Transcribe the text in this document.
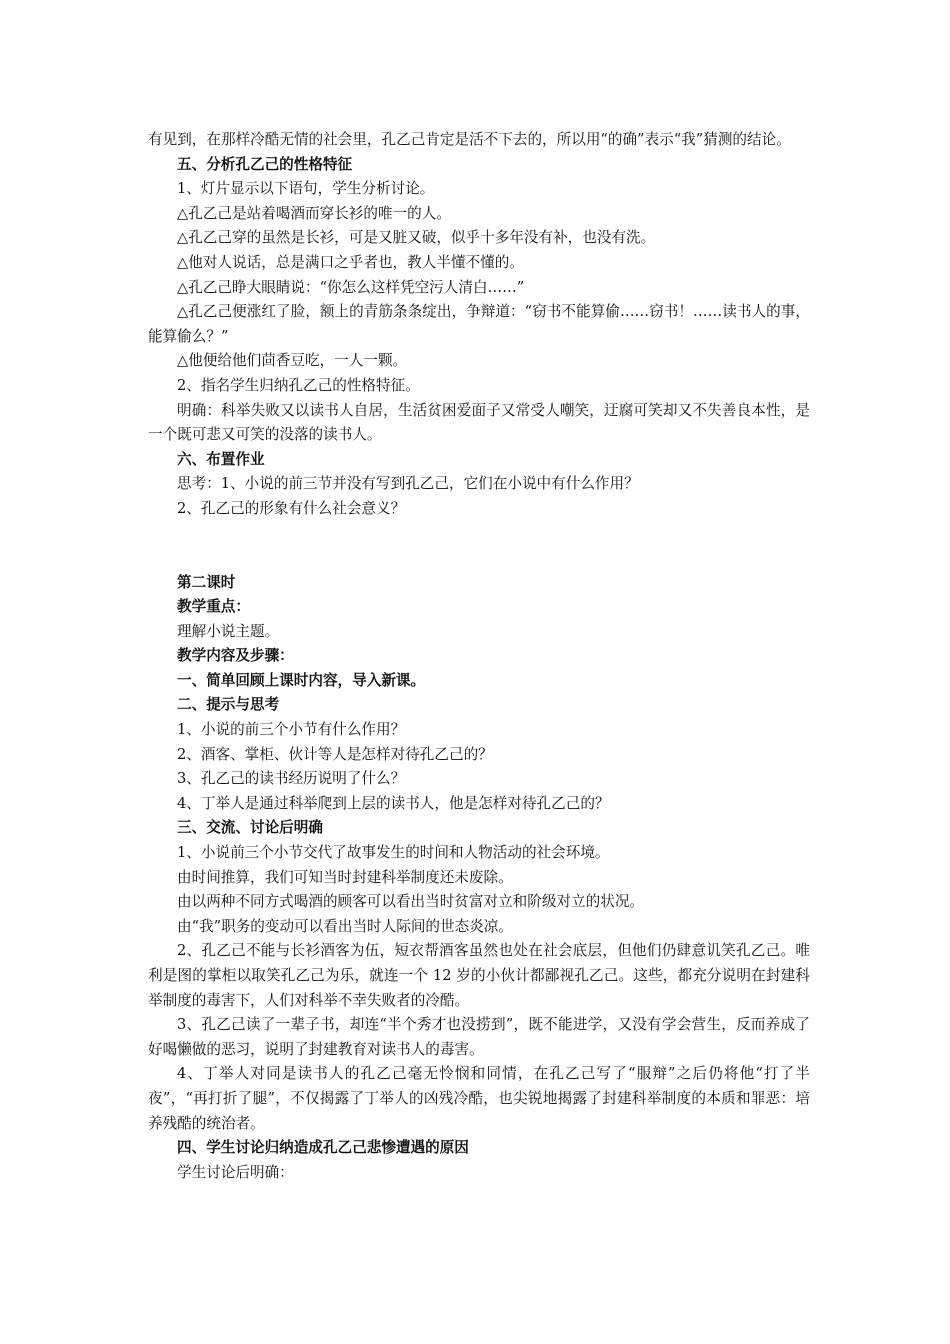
有见到，在那样冷酷无情的社会里，孔乙己肯定是活不下去的，所以用“的确”表示“我”猜测的结论。

五、分析孔乙己的性格特征

1、灯片显示以下语句，学生分析讨论。

△孔乙己是站着喝酒而穿长衫的唯一的人。

△孔乙己穿的虽然是长衫，可是又脏又破，似乎十多年没有补，也没有洗。

△他对人说话，总是满口之乎者也，教人半懂不懂的。

△孔乙己睁大眼睛说：“你怎么这样凭空污人清白……”

△孔乙己便涨红了脸，额上的青筋条条绽出，争辩道：“窃书不能算偷……窃书！……读书人的事，能算偷么？”

△他便给他们茴香豆吃，一人一颗。

2、指名学生归纳孔乙己的性格特征。

明确：科举失败又以读书人自居，生活贫困爱面子又常受人嘲笑，迂腐可笑却又不失善良本性，是一个既可悲又可笑的没落的读书人。

六、布置作业

思考：1、小说的前三节并没有写到孔乙己，它们在小说中有什么作用？

2、孔乙己的形象有什么社会意义？

第二课时

教学重点：

理解小说主题。

教学内容及步骤：

一、简单回顾上课时内容，导入新课。

二、提示与思考

1、小说的前三个小节有什么作用？

2、酒客、掌柜、伙计等人是怎样对待孔乙己的？

3、孔乙己的读书经历说明了什么？

4、丁举人是通过科举爬到上层的读书人，他是怎样对待孔乙己的？

三、交流、讨论后明确

1、小说前三个小节交代了故事发生的时间和人物活动的社会环境。

由时间推算，我们可知当时封建科举制度还未废除。

由以两种不同方式喝酒的顾客可以看出当时贫富对立和阶级对立的状况。

由“我”职务的变动可以看出当时人际间的世态炎凉。

2、孔乙己不能与长衫酒客为伍，短衣帮酒客虽然也处在社会底层，但他们仍肆意讥笑孔乙己。唯利是图的掌柜以取笑孔乙己为乐，就连一个 12 岁的小伙计都鄙视孔乙己。这些，都充分说明在封建科举制度的毒害下，人们对科举不幸失败者的冷酷。

3、孔乙己读了一辈子书，却连“半个秀才也没捞到”，既不能进学，又没有学会营生，反而养成了好喝懒做的恶习，说明了封建教育对读书人的毒害。

4、丁举人对同是读书人的孔乙己毫无怜悯和同情，在孔乙己写了“服辩”之后仍将他“打了半夜”，“再打折了腿”，不仅揭露了丁举人的凶残冷酷，也尖锐地揭露了封建科举制度的本质和罪恶：培养残酷的统治者。

四、学生讨论归纳造成孔乙己悲惨遭遇的原因

学生讨论后明确：
